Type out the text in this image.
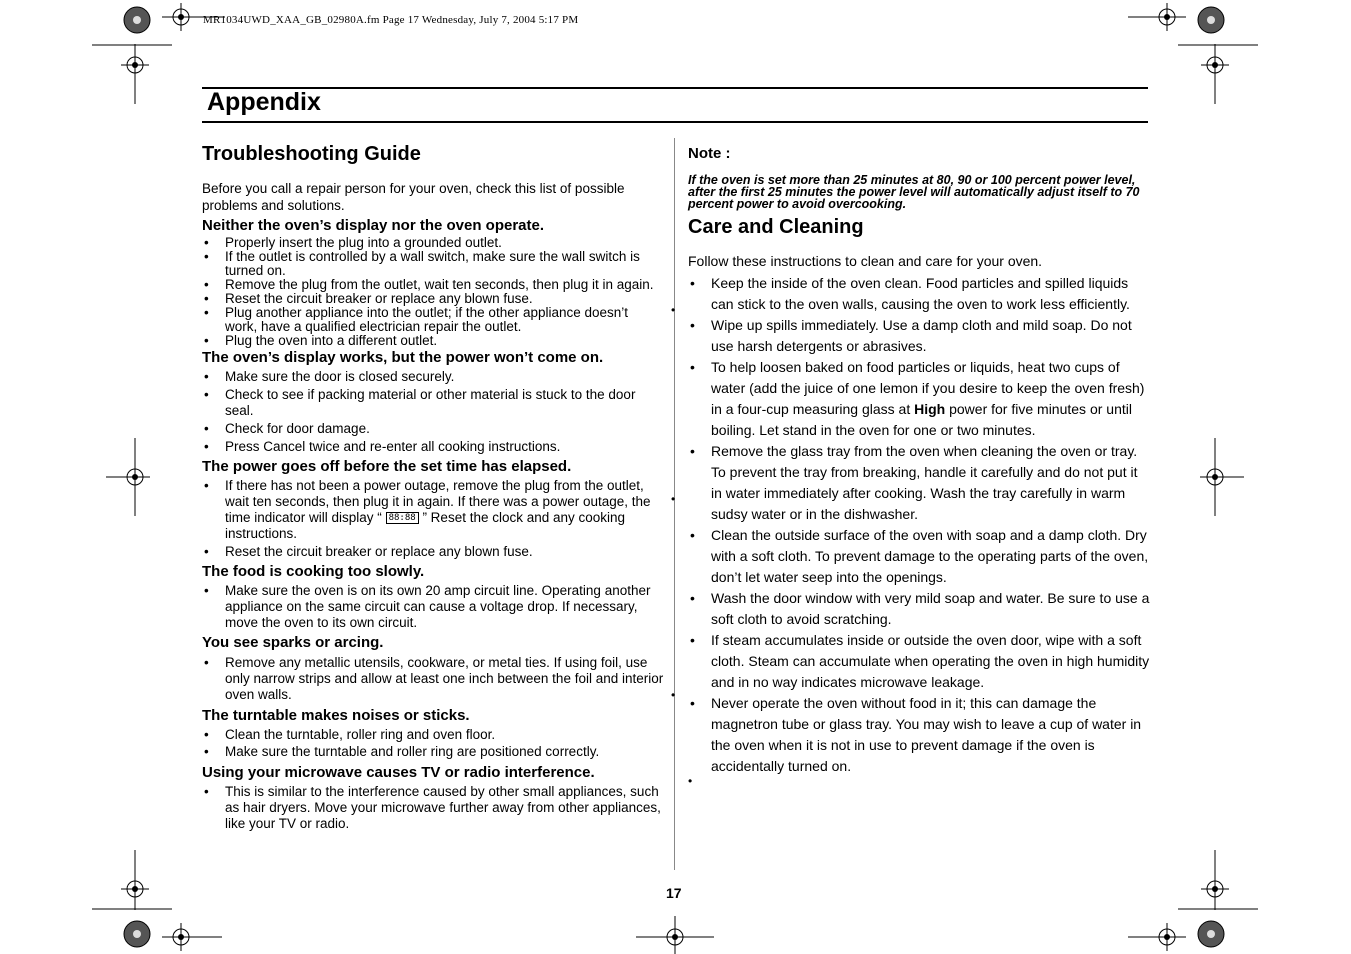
MR1034UWD_XAA_GB_02980A.fm Page 17 Wednesday, July 7, 2004 5:17 PM
Appendix
Troubleshooting Guide

Before you call a repair person for your oven, check this list of possible problems and solutions.

Neither the oven’s display nor the oven operate.
• Properly insert the plug into a grounded outlet.
• If the outlet is controlled by a wall switch, make sure the wall switch is turned on.
• Remove the plug from the outlet, wait ten seconds, then plug it in again.
• Reset the circuit breaker or replace any blown fuse.
• Plug another appliance into the outlet; if the other appliance doesn’t work, have a qualified electrician repair the outlet.
• Plug the oven into a different outlet.
The oven’s display works, but the power won’t come on.
• Make sure the door is closed securely.
• Check to see if packing material or other material is stuck to the door seal.
• Check for door damage.
• Press Cancel twice and re-enter all cooking instructions.
The power goes off before the set time has elapsed.
• If there has not been a power outage, remove the plug from the outlet, wait ten seconds, then plug it in again. If there was a power outage, the time indicator will display “ 88:88 ” Reset the clock and any cooking instructions.
• Reset the circuit breaker or replace any blown fuse.
The food is cooking too slowly.
• Make sure the oven is on its own 20 amp circuit line. Operating another appliance on the same circuit can cause a voltage drop. If necessary, move the oven to its own circuit.
You see sparks or arcing.
• Remove any metallic utensils, cookware, or metal ties. If using foil, use only narrow strips and allow at least one inch between the foil and interior oven walls.
The turntable makes noises or sticks.
• Clean the turntable, roller ring and oven floor.
• Make sure the turntable and roller ring are positioned correctly.
Using your microwave causes TV or radio interference.
• This is similar to the interference caused by other small appliances, such as hair dryers. Move your microwave further away from other appliances, like your TV or radio.
Note :
If the oven is set more than 25 minutes at 80, 90 or 100 percent power level, after the first 25 minutes the power level will automatically adjust itself to 70 percent power to avoid overcooking.
Care and Cleaning

Follow these instructions to clean and care for your oven.

• Keep the inside of the oven clean. Food particles and spilled liquids can stick to the oven walls, causing the oven to work less efficiently.
• Wipe up spills immediately. Use a damp cloth and mild soap. Do not use harsh detergents or abrasives.
• To help loosen baked on food particles or liquids, heat two cups of water (add the juice of one lemon if you desire to keep the oven fresh) in a four-cup measuring glass at High power for five minutes or until boiling. Let stand in the oven for one or two minutes.
• Remove the glass tray from the oven when cleaning the oven or tray. To prevent the tray from breaking, handle it carefully and do not put it in water immediately after cooking. Wash the tray carefully in warm sudsy water or in the dishwasher.
• Clean the outside surface of the oven with soap and a damp cloth. Dry with a soft cloth. To prevent damage to the operating parts of the oven, don’t let water seep into the openings.
• Wash the door window with very mild soap and water. Be sure to use a soft cloth to avoid scratching.
• If steam accumulates inside or outside the oven door, wipe with a soft cloth. Steam can accumulate when operating the oven in high humidity and in no way indicates microwave leakage.
• Never operate the oven without food in it; this can damage the magnetron tube or glass tray. You may wish to leave a cup of water in the oven when it is not in use to prevent damage if the oven is accidentally turned on.
•
•
•
•
17
